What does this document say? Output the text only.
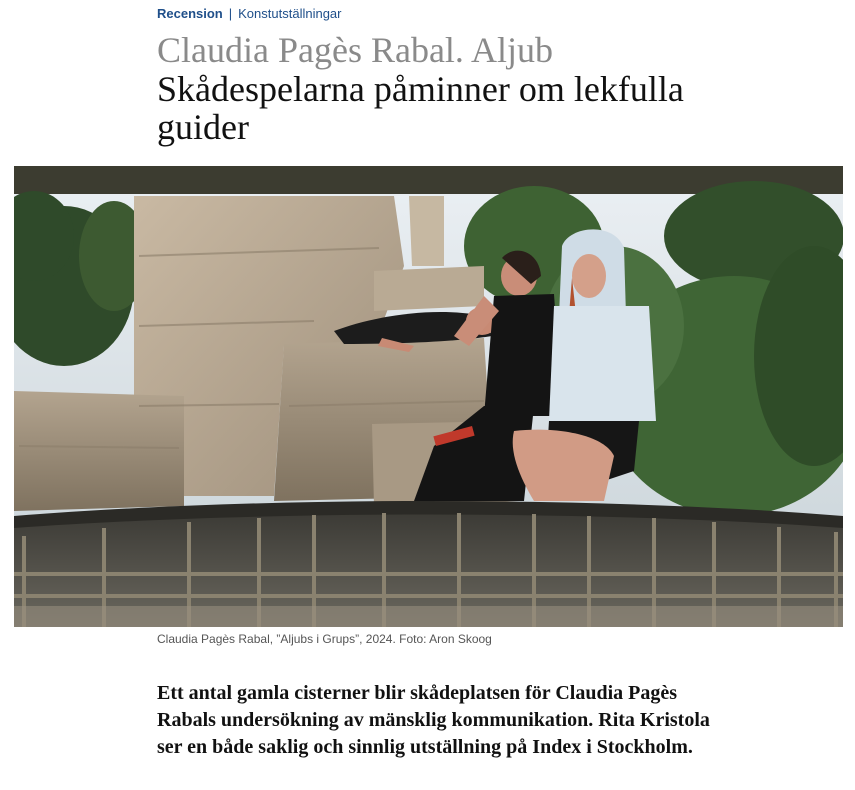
Recension | Konstutställningar
Claudia Pagès Rabal. Aljub
Skådespelarna påminner om lekfulla guider
Claudia Pagès Rabal, ”Aljubs i Grups”, 2024. Foto: Aron Skoog

Ett antal gamla cisterner blir skådeplatsen för Claudia Pagès Rabals undersökning av mänsklig kommunikation. Rita Kristola ser en både saklig och sinnlig utställning på Index i Stockholm.
